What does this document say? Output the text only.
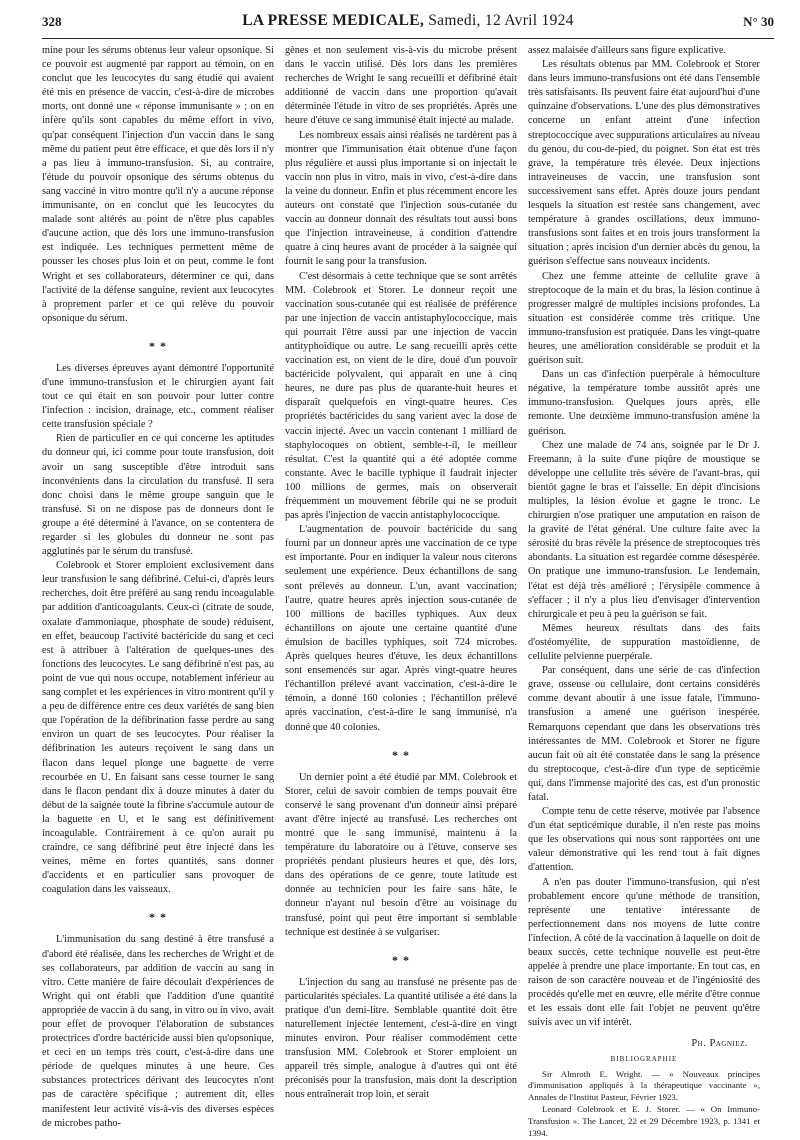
328	LA PRESSE MEDICALE, Samedi, 12 Avril 1924	N° 30

mine pour les sérums obtenus leur valeur opsonique. Si ce pouvoir est augmenté par rapport au témoin, on en conclut que les leucocytes du sang étudié qui avaient été mis en présence de vaccin, c'est-à-dire de microbes morts, ont donné une « réponse immunisante » ; on en infère qu'ils sont capables du même effort in vivo, qu'par conséquent l'injection d'un vaccin dans le sang même du patient peut être efficace, et que dès lors il n'y a pas lieu à immuno-transfusion. Si, au contraire, l'étude du pouvoir opsonique des sérums obtenus du sang vacciné in vitro montre qu'il n'y a aucune réponse immunisante, on en conclut que les leucocytes du malade sont altérés au point de n'être plus capables d'aucune action, que dès lors une immuno-transfusion est indiquée. Les techniques permettent même de pousser les choses plus loin et on peut, comme le font Wright et ses collaborateurs, déterminer ce qui, dans l'activité de la défense sanguine, revient aux leucocytes à proprement parler et ce qui relève du pouvoir opsonique du sérum.

* *

Les diverses épreuves ayant démontré l'opportunité d'une immuno-transfusion et le chirurgien ayant fait tout ce qui était en son pouvoir pour lutter contre l'infection : incision, drainage, etc., comment réaliser cette transfusion spéciale ?

Rien de particulier en ce qui concerne les aptitudes du donneur qui, ici comme pour toute transfusion, doit avoir un sang susceptible d'être introduit sans inconvénients dans la circulation du transfusé. Il sera donc choisi dans le même groupe sanguin que le transfusé. Si on ne dispose pas de donneurs dont le groupe a été déterminé à l'avance, on se contentera de regarder si les globules du donneur ne sont pas agglutinés par le sérum du transfusé.

Colebrook et Storer emploient exclusivement dans leur transfusion le sang défibriné. Celui-ci, d'après leurs recherches, doit être préféré au sang rendu incoagulable par addition d'anticoagulants. Ceux-ci (citrate de soude, oxalate d'ammoniaque, phosphate de soude) réduisent, en effet, beaucoup l'activité bactéricide du sang et ceci est à attribuer à l'altération de quelques-unes des fonctions des leucocytes. Le sang défibriné n'est pas, au point de vue qui nous occupe, notablement inférieur au sang complet et les expériences in vitro montrent qu'il y a peu de différence entre ces deux variétés de sang bien que l'opération de la défibrination fasse perdre au sang environ un quart de ses leucocytes. Pour réaliser la défibrination les auteurs reçoivent le sang dans un flacon dans lequel plonge une baguette de verre recourbée en U. En faisant sans cesse tourner le sang dans le flacon pendant dix à douze minutes à dater du début de la saignée toute la fibrine s'accumule autour de la baguette en U, et le sang est définitivement incoagulable. Contrairement à ce qu'on aurait pu craindre, ce sang défibriné peut être injecté dans les veines, même en fortes quantités, sans donner d'accidents et en particulier sans provoquer de coagulation dans les vaisseaux.

* *

L'immunisation du sang destiné à être transfusé a d'abord été réalisée, dans les recherches de Wright et de ses collaborateurs, par addition de vaccin au sang in vitro. Cette manière de faire découlait d'expériences de Wright qui ont établi que l'addition d'une quantité appropriée de vaccin à du sang, in vitro ou in vivo, avait pour effet de provoquer l'élaboration de substances protectrices d'ordre bactéricide aussi bien qu'opsonique, et ceci en un temps très court, c'est-à-dire dans une période de quelques minutes à une heure. Ces substances protectrices dérivant des leucocytes n'ont pas de caractère spécifique ; autrement dit, elles manifestent leur activité vis-à-vis des diverses espèces de microbes patho-

gènes et non seulement vis-à-vis du microbe présent dans le vaccin utilisé. Dès lors dans les premières recherches de Wright le sang recueilli et défibriné était additionné de vaccin dans une proportion qu'avait déterminée l'étude in vitro de ses propriétés. Après une heure d'étuve ce sang immunisé était injecté au malade.

Les nombreux essais ainsi réalisés ne tardèrent pas à montrer que l'immunisation était obtenue d'une façon plus régulière et aussi plus importante si on injectait le vaccin non plus in vitro, mais in vivo, c'est-à-dire dans la veine du donneur. Enfin et plus récemment encore les auteurs ont constaté que l'injection sous-cutanée du vaccin au donneur donnait des résultats tout aussi bons que l'injection intraveineuse, à condition d'attendre quatre à cinq heures avant de procéder à la saignée qui fournit le sang pour la transfusion.

C'est désormais à cette technique que se sont arrêtés MM. Colebrook et Storer. Le donneur reçoit une vaccination sous-cutanée qui est réalisée de préférence par une injection de vaccin antistaphylococcique, mais qui pourrait l'être aussi par une injection de vaccin antityphoïdique ou autre. Le sang recueilli après cette vaccination est, on vient de le dire, doué d'un pouvoir bactéricide polyvalent, qui apparaît en une à cinq heures, ne dure pas plus de quarante-huit heures et disparaît quelquefois en vingt-quatre heures. Ces propriétés bactéricides du sang varient avec la dose de vaccin injecté. Avec un vaccin contenant 1 milliard de staphylocoques on obtient, semble-t-il, le meilleur résultat. C'est la quantité qui a été adoptée comme constante. Avec le bacille typhique il faudrait injecter 100 millions de germes, mais on observerait fréquemment un mouvement fébrile qui ne se produit pas après l'injection de vaccin antistaphylococcique.

L'augmentation de pouvoir bactéricide du sang fourni par un donneur après une vaccination de ce type est importante. Pour en indiquer la valeur nous citerons seulement une expérience. Deux échantillons de sang sont prélevés au donneur. L'un, avant vaccination; l'autre, quatre heures après injection sous-cutanée de 100 millions de bacilles typhiques. Aux deux échantillons on ajoute une certaine quantité d'une émulsion de bacilles typhiques, soit 724 microbes. Après quelques heures d'étuve, les deux échantillons sont ensemencés sur agar. Après vingt-quatre heures l'échantillon prélevé avant vaccination, c'est-à-dire le témoin, a donné 160 colonies ; l'échantillon prélevé après vaccination, c'est-à-dire le sang immunisé, n'a donné que 40 colonies.

* *

Un dernier point a été étudié par MM. Colebrook et Storer, celui de savoir combien de temps pouvait être conservé le sang provenant d'un donneur ainsi préparé avant d'être injecté au transfusé. Les recherches ont montré que le sang immunisé, maintenu à la température du laboratoire ou à l'étuve, conserve ses propriétés pendant plusieurs heures et que, dès lors, dans des opérations de ce genre, toute latitude est donnée au technicien pour les faire sans hâte, le donneur n'ayant nul besoin d'être au voisinage du transfusé, point qui peut être important si semblable technique est destinée à se vulgariser.

* *

L'injection du sang au transfusé ne présente pas de particularités spéciales. La quantité utilisée a été dans la pratique d'un demi-litre. Semblable quantité doit être naturellement injectée lentement, c'est-à-dire en vingt minutes environ. Pour réaliser commodément cette transfusion MM. Colebrook et Storer emploient un appareil très simple, analogue à d'autres qui ont été préconisés pour la transfusion, mais dont la description nous entraînerait trop loin, et serait

assez malaisée d'ailleurs sans figure explicative.

Les résultats obtenus par MM. Colebrook et Storer dans leurs immuno-transfusions ont été dans l'ensemble très satisfaisants. Ils peuvent faire état aujourd'hui d'une quinzaine d'observations. L'une des plus démonstratives concerne un enfant atteint d'une infection streptococcique avec suppurations articulaires au niveau du genou, du cou-de-pied, du poignet. Son état est très grave, la température très élevée. Deux injections intraveineuses de vaccin, une transfusion sont successivement sans effet. Après douze jours pendant lesquels la situation est restée sans changement, avec température à grandes oscillations, deux immuno-transfusions sont faites et en trois jours transforment la situation ; après incision d'un dernier abcès du genou, la guérison s'effectue sans nouveaux incidents.

Chez une femme atteinte de cellulite grave à streptocoque de la main et du bras, la lésion continue à progresser malgré de multiples incisions profondes. La situation est considérée comme très critique. Une immuno-transfusion est pratiquée. Dans les vingt-quatre heures, une amélioration considérable se produit et la guérison suit.

Dans un cas d'infection puerpérale à hémoculture négative, la température tombe aussitôt après une immuno-transfusion. Quelques jours après, elle remonte. Une deuxième immuno-transfusion amène la guérison.

Chez une malade de 74 ans, soignée par le Dr J. Freemann, à la suite d'une piqûre de moustique se développe une cellulite très sévère de l'avant-bras, qui bientôt gagne le bras et l'aisselle. En dépit d'incisions multiples, la lésion évolue et gagne le tronc. Le chirurgien n'ose pratiquer une amputation en raison de la gravité de l'état général. Une culture faite avec la sérosité du bras révèle la présence de streptocoques très abondants. La situation est regardée comme désespérée. On pratique une immuno-transfusion. Le lendemain, l'état est déjà très amélioré ; l'érysipèle commence à s'effacer ; il n'y a plus lieu d'envisager d'intervention chirurgicale et peu à peu la guérison se fait.

Mêmes heureux résultats dans des faits d'ostéomyélite, de suppuration mastoïdienne, de cellulite pelvienne puerpérale.

Par conséquent, dans une série de cas d'infection grave, osseuse ou cellulaire, dont certains considérés comme devant aboutir à une issue fatale, l'immuno-transfusion a amené une guérison inespérée. Remarquons cependant que dans les observations très intéressantes de MM. Colebrook et Storer ne figure aucun fait où ait été constatée dans le sang la présence du streptocoque, c'est-à-dire d'un type de septicémie qui, dans l'immense majorité des cas, est d'un pronostic fatal.

Compte tenu de cette réserve, motivée par l'absence d'un état septicémique durable, il n'en reste pas moins que les observations qui nous sont rapportées ont une valeur démonstrative qui les rend tout à fait dignes d'attention.

A n'en pas douter l'immuno-transfusion, qui n'est probablement encore qu'une méthode de transition, représente une tentative intéressante de perfectionnement dans nos moyens de lutte contre l'infection. A côté de la vaccination à laquelle on doit de beaux succès, cette technique nouvelle est peut-être appelée à prendre une place importante. En tout cas, en raison de son caractère nouveau et de l'ingéniosité des procédés qu'elle met en œuvre, elle mérite d'être connue et les essais dont elle fait l'objet ne peuvent qu'être suivis avec un vif intérêt.

Ph. Pagniez.
BIBLIOGRAPHIE

Sir Almroth E. Wright. — « Nouveaux principes d'immunisation appliqués à la thérapeutique vaccinante », Annales de l'Institut Pasteur, Février 1923.

Leonard Colebrook et E. J. Storer. — « On Immuno-Transfusion ». The Lancet, 22 et 29 Décembre 1923, p. 1341 et 1394.
